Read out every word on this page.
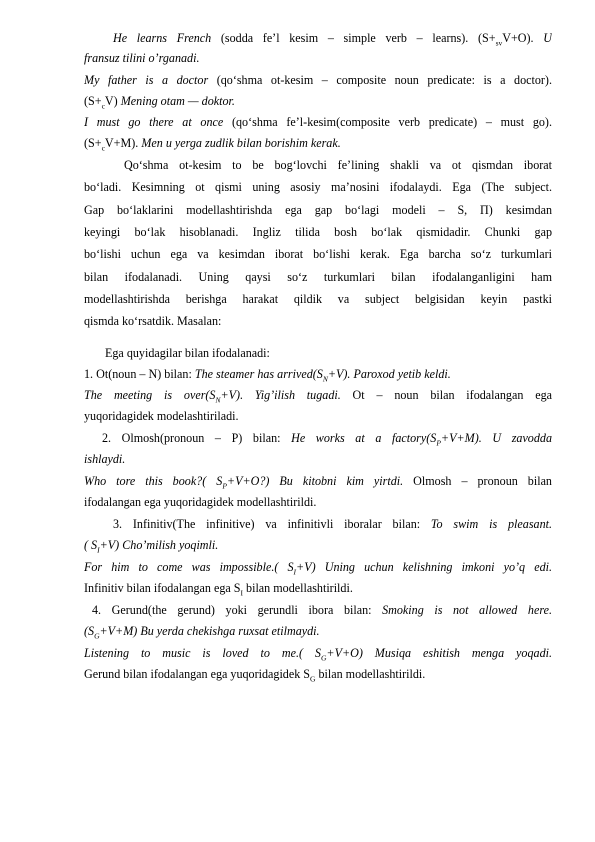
He learns French (sodda fe’l kesim – simple verb – learns). $(S+_{sv}V+O)$. U
fransuz tilini o’rganadi.
My father is a doctor (qo‘shma ot-kesim – composite noun predicate: is a doctor).
$(S+_cV)$ Mening otam — doktor.
I must go there at once (qo‘shma fe’l-kesim(composite verb predicate) – must go).
$(S+_cV+M)$. Men u yerga zudlik bilan borishim kerak.
Qo‘shma ot-kesim to be bog‘lovchi fe’lining shakli va ot qismdan iborat
bo‘ladi. Kesimning ot qismi uning asosiy ma’nosini ifodalaydi. Ega (The subject.
Gap bo‘laklarini modellashtirishda ega gap bo‘lagi modeli – S, П) kesimdan
keyingi bo‘lak hisoblanadi. Ingliz tilida bosh bo‘lak qismidadir. Chunki gap
bo‘lishi uchun ega va kesimdan iborat bo‘lishi kerak. Ega barcha so‘z turkumlari
bilan ifodalanadi. Uning qaysi so‘z turkumlari bilan ifodalanganligini ham
modellashtirishda berishga harakat qildik va subject belgisidan keyin pastki
qismda ko‘rsatdik. Masalan:
Ega quyidagilar bilan ifodalanadi:
1. Ot(noun – N) bilan: The steamer has $arrived(S_N+V)$. Paroxod yetib keldi.
The meeting is $over(S_N+V)$. Yig’ilish tugadi. Ot – noun bilan ifodalangan ega
yuqoridagidek modelashtiriladi.
2. Olmosh(pronoun – P) bilan: He works at a $factory(S_P+V+M)$. U zavodda
ishlaydi.
Who tore this book?( $S_P+V+O$?) Bu kitobni kim yirtdi. Olmosh – pronoun bilan
ifodalangan ega yuqoridagidek modellashtirildi.
3. Infinitiv(The infinitive) va infinitivli iboralar bilan: To swim is pleasant.
( $S_I+V$) Cho’milish yoqimli.
For him to come was impossible.( $S_I+V$) Uning uchun kelishning imkoni yo’q edi.
Infinitiv bilan ifodalangan ega $S_I$ bilan modellashtirildi.
4. Gerund(the gerund) yoki gerundli ibora bilan: Smoking is not allowed here.
$(S_G+V+M)$ Bu yerda chekishga ruxsat etilmaydi.
Listening to music is loved to me.( $S_G+V+O$) Musiqa eshitish menga yoqadi.
Gerund bilan ifodalangan ega yuqoridagidek $S_G$ bilan modellashtirildi.
